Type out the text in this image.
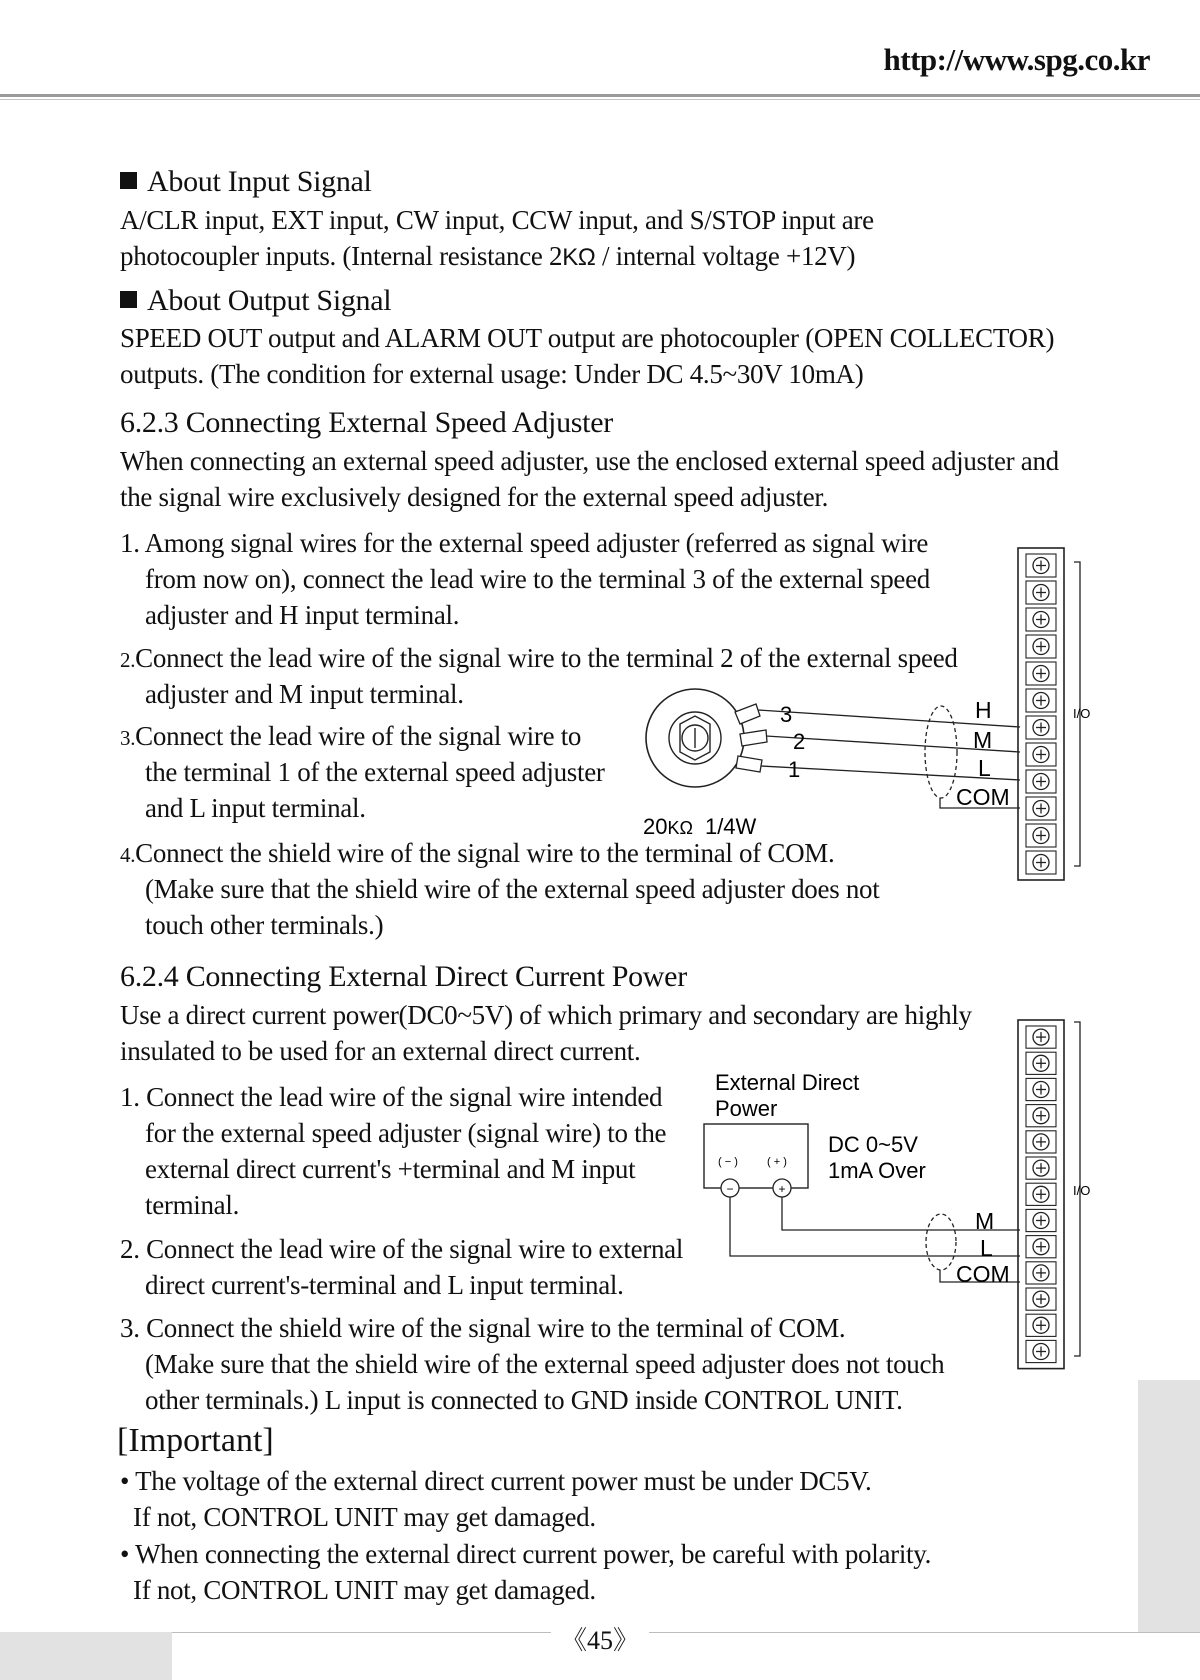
http://www.spg.co.kr

About Input Signal

A/CLR input, EXT input, CW input, CCW input, and S/STOP input are

photocoupler inputs. (Internal resistance 2KΩ / internal voltage +12V)

About Output Signal

SPEED OUT output and ALARM OUT output are photocoupler (OPEN COLLECTOR)

outputs. (The condition for external usage: Under DC 4.5~30V 10mA)

6.2.3 Connecting External Speed Adjuster

When connecting an external speed adjuster, use the enclosed external speed adjuster and

the signal wire exclusively designed for the external speed adjuster.

1. Among signal wires for the external speed adjuster (referred as signal wire

from now on), connect the lead wire to the terminal 3 of the external speed

adjuster and H input terminal.

2.Connect the lead wire of the signal wire to the terminal 2 of the external speed

adjuster and M input terminal.

3.Connect the lead wire of the signal wire to

the terminal 1 of the external speed adjuster

and L input terminal.

4.Connect the shield wire of the signal wire to the terminal of COM.

(Make sure that the shield wire of the external speed adjuster does not

touch other terminals.)

6.2.4 Connecting External Direct Current Power

Use a direct current power(DC0~5V) of which primary and secondary are highly

insulated to be used for an external direct current.

1. Connect the lead wire of the signal wire intended

for the external speed adjuster (signal wire) to the

external direct current's +terminal and M input

terminal.

2. Connect the lead wire of the signal wire to external

direct current's-terminal and L input terminal.

3. Connect the shield wire of the signal wire to the terminal of COM.

(Make sure that the shield wire of the external speed adjuster does not touch

other terminals.) L input is connected to GND inside CONTROL UNIT.

[Important]

• The voltage of the external direct current power must be under DC5V.

If not, CONTROL UNIT may get damaged.

• When connecting the external direct current power, be careful with polarity.

If not, CONTROL UNIT may get damaged.

《45》
I/O
3
2
1
H
M
L
COM
20KΩ 1/4W
I/O
External Direct
Power
( − )	( + )
−	+
DC 0~5V
1mA Over
M
L
COM
